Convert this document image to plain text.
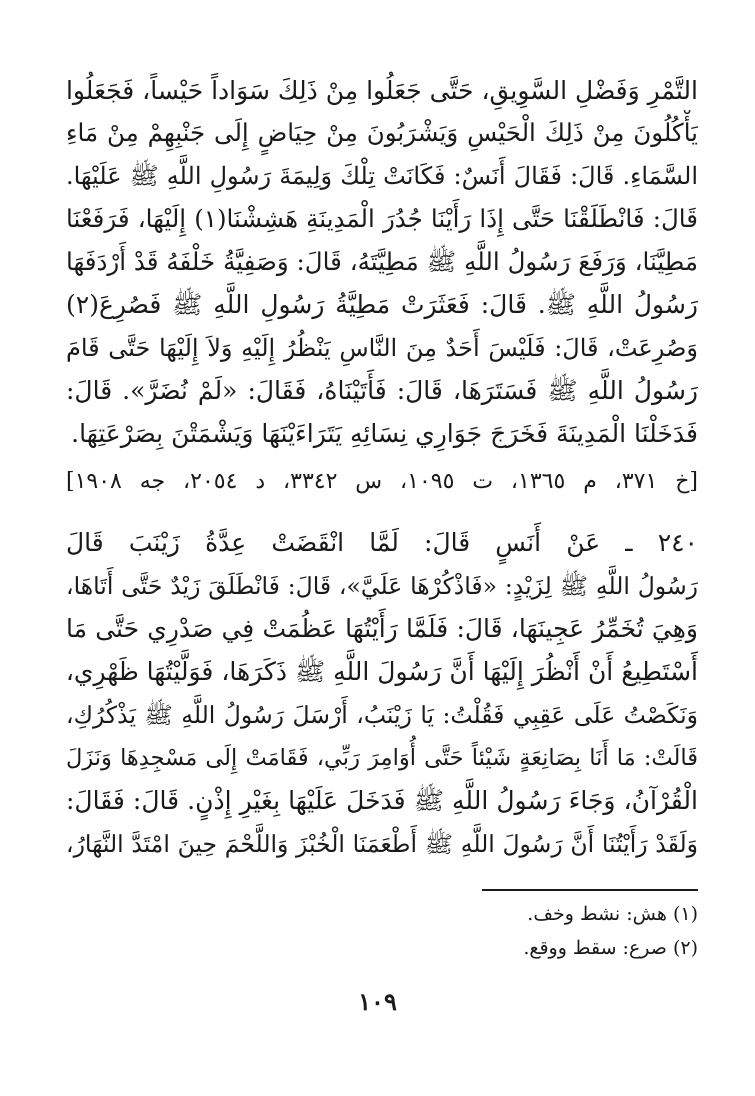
التَّمْرِ وَفَضْلِ السَّوِيقِ، حَتَّى جَعَلُوا مِنْ ذَلِكَ سَوَاداً حَيْساً، فَجَعَلُوا
يَأْكُلُونَ مِنْ ذَلِكَ الْحَيْسِ وَيَشْرَبُونَ مِنْ حِيَاضٍ إِلَى جَنْبِهِمْ مِنْ مَاءِ
السَّمَاءِ. قَالَ: فَقَالَ أَنَسٌ: فَكَانَتْ تِلْكَ وَلِيمَةَ رَسُولِ اللَّهِ ﷺ عَلَيْهَا.
قَالَ: فَانْطَلَقْنَا حَتَّى إِذَا رَأَيْنَا جُدُرَ الْمَدِينَةِ هَشِشْنَا(١) إِلَيْهَا، فَرَفَعْنَا
مَطِيَّنَا، وَرَفَعَ رَسُولُ اللَّهِ ﷺ مَطِيَّتَهُ، قَالَ: وَصَفِيَّةُ خَلْفَهُ قَدْ أَرْدَفَهَا
رَسُولُ اللَّهِ ﷺ. قَالَ: فَعَثَرَتْ مَطِيَّةُ رَسُولِ اللَّهِ ﷺ فَصُرِعَ(٢)
وَصُرِعَتْ، قَالَ: فَلَيْسَ أَحَدٌ مِنَ النَّاسِ يَنْظُرُ إِلَيْهِ وَلاَ إِلَيْهَا حَتَّى قَامَ
رَسُولُ اللَّهِ ﷺ فَسَتَرَهَا، قَالَ: فَأَتَيْنَاهُ، فَقَالَ: «لَمْ نُضَرَّ». قَالَ:
فَدَخَلْنَا الْمَدِينَةَ فَخَرَجَ جَوَارِي نِسَائِهِ يَتَرَاءَيْنَهَا وَيَشْمَتْنَ بِصَرْعَتِهَا.
[خ ٣٧١، م ١٣٦٥، ت ١٠٩٥، س ٣٣٤٢، د ٢٠٥٤، جه ١٩٠٨]
٢٤٠ ـ عَنْ أَنَسٍ قَالَ: لَمَّا انْقَضَتْ عِدَّةُ زَيْنَبَ قَالَ
رَسُولُ اللَّهِ ﷺ لِزَيْدٍ: «فَاذْكُرْهَا عَلَيَّ»، قَالَ: فَانْطَلَقَ زَيْدٌ حَتَّى أَتَاهَا،
وَهِيَ تُخَمِّرُ عَجِينَهَا، قَالَ: فَلَمَّا رَأَيْتُهَا عَظُمَتْ فِي صَدْرِي حَتَّى مَا
أَسْتَطِيعُ أَنْ أَنْظُرَ إِلَيْهَا أَنَّ رَسُولَ اللَّهِ ﷺ ذَكَرَهَا، فَوَلَّيْتُهَا ظَهْرِي،
وَنَكَصْتُ عَلَى عَقِبِي فَقُلْتُ: يَا زَيْنَبُ، أَرْسَلَ رَسُولُ اللَّهِ ﷺ يَذْكُرُكِ،
قَالَتْ: مَا أَنَا بِصَانِعَةٍ شَيْئاً حَتَّى أُوَامِرَ رَبِّي، فَقَامَتْ إِلَى مَسْجِدِهَا وَنَزَلَ
الْقُرْآنُ، وَجَاءَ رَسُولُ اللَّهِ ﷺ فَدَخَلَ عَلَيْهَا بِغَيْرِ إِذْنٍ. قَالَ: فَقَالَ:
وَلَقَدْ رَأَيْتُنَا أَنَّ رَسُولَ اللَّهِ ﷺ أَطْعَمَنَا الْخُبْزَ وَاللَّحْمَ حِينَ امْتَدَّ النَّهَارُ،
(١) هش: نشط وخف.
(٢) صرع: سقط ووقع.
١٠٩
